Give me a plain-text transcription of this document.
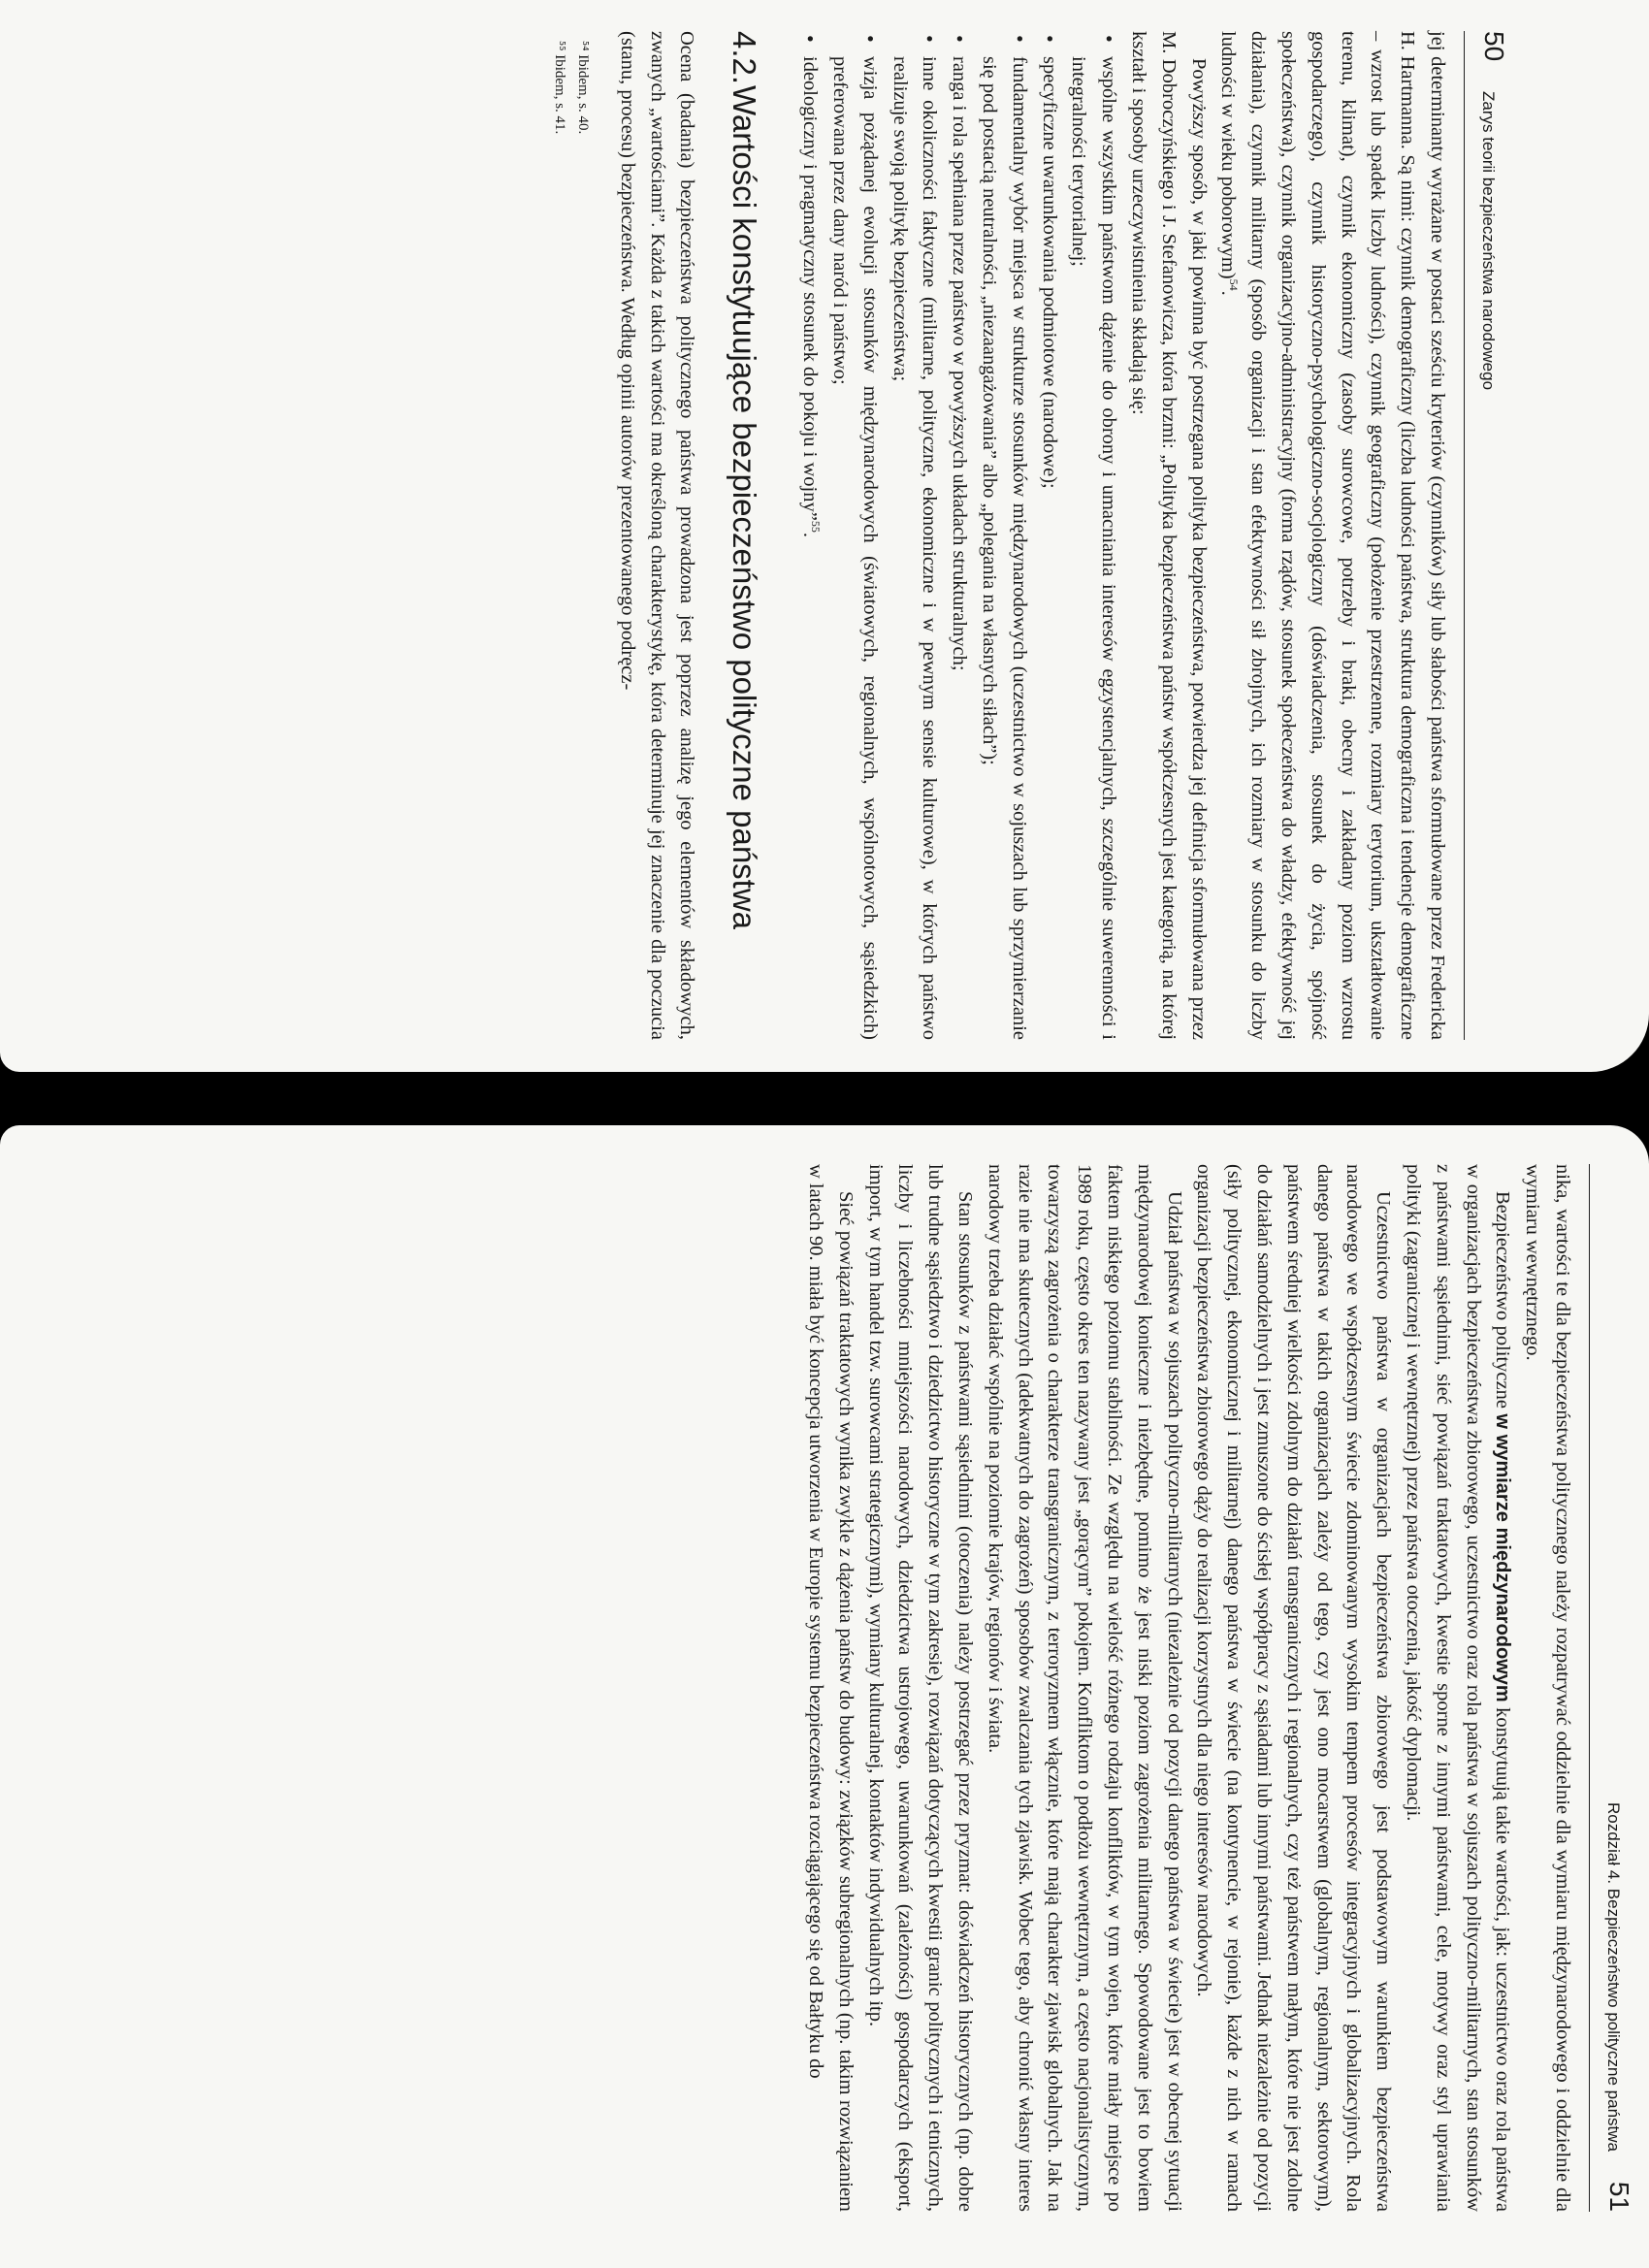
50
Zarys teorii bezpieczeństwa narodowego

jej determinanty wyrażane w postaci sześciu kryteriów (czynników) siły lub słabości państwa sformułowane przez Fredericka H. Hartmanna. Są nimi: czynnik demograficzny (liczba ludności państwa, struktura demograficzna i tendencje demograficzne – wzrost lub spadek liczby ludności), czynnik geograficzny (położenie przestrzenne, rozmiary terytorium, ukształtowanie terenu, klimat), czynnik ekonomiczny (zasoby surowcowe, potrzeby i braki, obecny i zakładany poziom wzrostu gospodarczego), czynnik historyczno-psychologiczno-socjologiczny (doświadczenia, stosunek do życia, spójność społeczeństwa), czynnik organizacyjno-administracyjny (forma rządów, stosunek społeczeństwa do władzy, efektywność jej działania), czynnik militarny (sposób organizacji i stan efektywności sił zbrojnych, ich rozmiary w stosunku do liczby ludności w wieku poborowym)$^{54}$.

Powyższy sposób, w jaki powinna być postrzegana polityka bezpieczeństwa, potwierdza jej definicja sformułowana przez M. Dobroczyńskiego i J. Stefanowicza, która brzmi: „Polityka bezpieczeństwa państw współczesnych jest kategorią, na której kształt i sposoby urzeczywistnienia składają się:

• wspólne wszystkim państwom dążenie do obrony i umacniania interesów egzystencjalnych, szczególnie suwerenności i integralności terytorialnej;
• specyficzne uwarunkowania podmiotowe (narodowe);
• fundamentalny wybór miejsca w strukturze stosunków międzynarodowych (uczestnictwo w sojuszach lub sprzymierzanie się pod postacią neutralności, „niezaangażowania” albo „polegania na własnych siłach”);
• ranga i rola spełniana przez państwo w powyższych układach strukturalnych;
• inne okoliczności faktyczne (militarne, polityczne, ekonomiczne i w pewnym sensie kulturowe), w których państwo realizuje swoją politykę bezpieczeństwa;
• wizja pożądanej ewolucji stosunków międzynarodowych (światowych, regionalnych, wspólnotowych, sąsiedzkich) preferowana przez dany naród i państwo;
• ideologiczny i pragmatyczny stosunek do pokoju i wojny”$^{55}$.
4.2.
Wartości konstytuujące bezpieczeństwo polityczne państwa

Ocena (badania) bezpieczeństwa politycznego państwa prowadzona jest poprzez analizę jego elementów składowych, zwanych „wartościami”. Każda z takich wartości ma określoną charakterystykę, która determinuje jej znaczenie dla poczucia (stanu, procesu) bezpieczeństwa. Według opinii autorów prezentowanego podręcz-

⁵⁴ Ibidem, s. 40.
⁵⁵ Ibidem, s. 41.
Rozdział 4. Bezpieczeństwo polityczne państwa
51

nika, wartości te dla bezpieczeństwa politycznego należy rozpatrywać oddzielnie dla wymiaru międzynarodowego i oddzielnie dla wymiaru wewnętrznego.

Bezpieczeństwo polityczne w wymiarze międzynarodowym konstytuują takie wartości, jak: uczestnictwo oraz rola państwa w organizacjach bezpieczeństwa zbiorowego, uczestnictwo oraz rola państwa w sojuszach polityczno-militarnych, stan stosunków z państwami sąsiednimi, sieć powiązań traktatowych, kwestie sporne z innymi państwami, cele, motywy oraz styl uprawiania polityki (zagranicznej i wewnętrznej) przez państwa otoczenia, jakość dyplomacji.

Uczestnictwo państwa w organizacjach bezpieczeństwa zbiorowego jest podstawowym warunkiem bezpieczeństwa narodowego we współczesnym świecie zdominowanym wysokim tempem procesów integracyjnych i globalizacyjnych. Rola danego państwa w takich organizacjach zależy od tego, czy jest ono mocarstwem (globalnym, regionalnym, sektorowym), państwem średniej wielkości zdolnym do działań transgranicznych i regionalnych, czy też państwem małym, które nie jest zdolne do działań samodzielnych i jest zmuszone do ścisłej współpracy z sąsiadami lub innymi państwami. Jednak niezależnie od pozycji (siły politycznej, ekonomicznej i militarnej) danego państwa w świecie (na kontynencie, w rejonie), każde z nich w ramach organizacji bezpieczeństwa zbiorowego dąży do realizacji korzystnych dla niego interesów narodowych.

Udział państwa w sojuszach polityczno-militarnych (niezależnie od pozycji danego państwa w świecie) jest w obecnej sytuacji międzynarodowej konieczne i niezbędne, pomimo że jest niski poziom zagrożenia militarnego. Spowodowane jest to bowiem faktem niskiego poziomu stabilności. Ze względu na wielość różnego rodzaju konfliktów, w tym wojen, które miały miejsce po 1989 roku, często okres ten nazywany jest „gorącym” pokojem. Konfliktom o podłożu wewnętrznym, a często nacjonalistycznym, towarzyszą zagrożenia o charakterze transgranicznym, z terroryzmem włącznie, które mają charakter zjawisk globalnych. Jak na razie nie ma skutecznych (adekwatnych do zagrożeń) sposobów zwalczania tych zjawisk. Wobec tego, aby chronić własny interes narodowy trzeba działać wspólnie na poziomie krajów, regionów i świata.

Stan stosunków z państwami sąsiednimi (otoczenia) należy postrzegać przez pryzmat: doświadczeń historycznych (np. dobre lub trudne sąsiedztwo i dziedzictwo historyczne w tym zakresie), rozwiązań dotyczących kwestii granic politycznych i etnicznych, liczby i liczebności mniejszości narodowych, dziedzictwa ustrojowego, uwarunkowań (zależności) gospodarczych (eksport, import, w tym handel tzw. surowcami strategicznymi), wymiany kulturalnej, kontaktów indywidualnych itp.

Sieć powiązań traktatowych wynika zwykle z dążenia państw do budowy: związków subregionalnych (np. takim rozwiązaniem w latach 90. miała być koncepcja utworzenia w Europie systemu bezpieczeństwa rozciągającego się od Bałtyku do
